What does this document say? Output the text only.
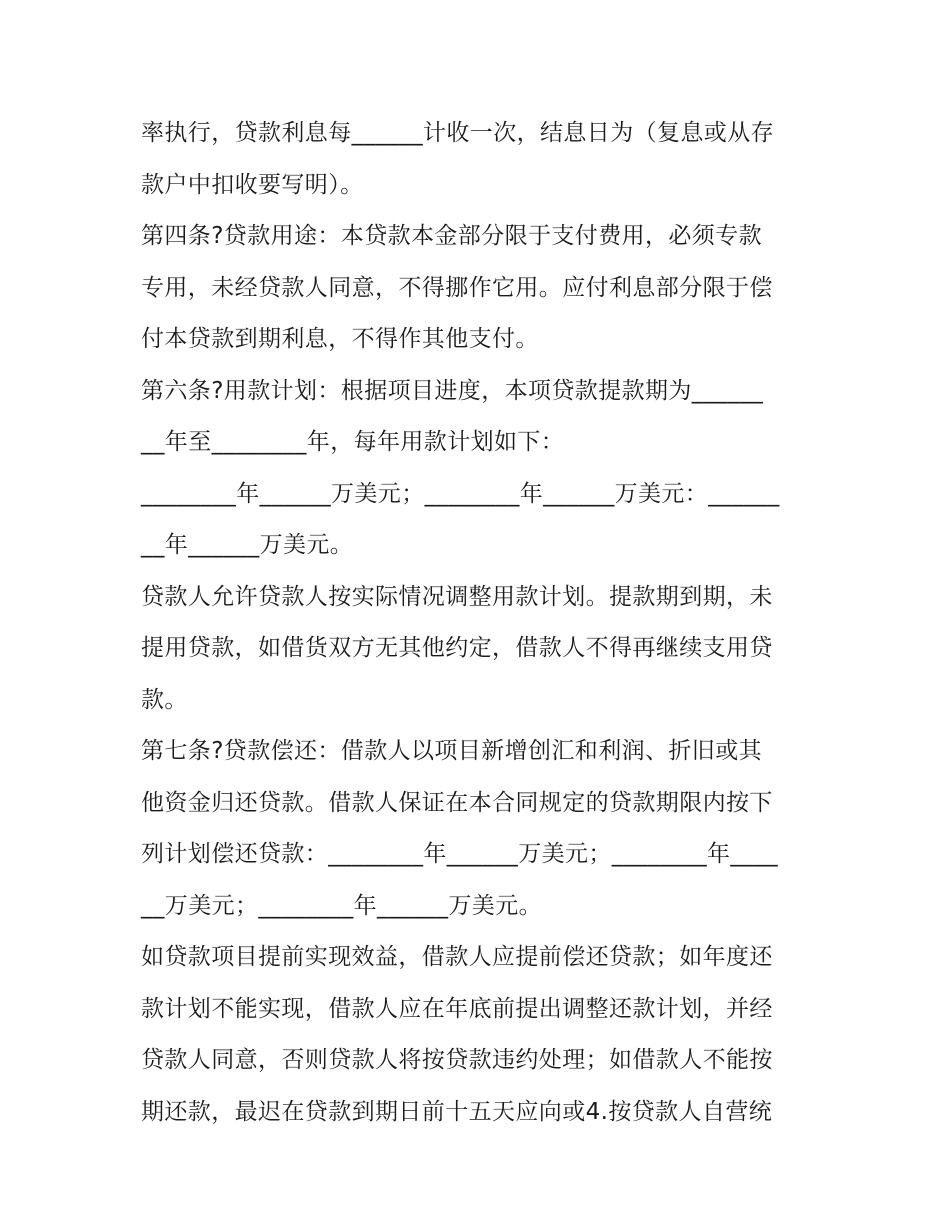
率执行，贷款利息每______计收一次，结息日为（复息或从存
款户中扣收要写明）。
第四条?贷款用途：本贷款本金部分限于支付费用，必须专款
专用，未经贷款人同意，不得挪作它用。应付利息部分限于偿
付本贷款到期利息，不得作其他支付。
第六条?用款计划：根据项目进度，本项贷款提款期为______
__年至________年，每年用款计划如下：
________年______万美元；________年______万美元：______
__年______万美元。
贷款人允许贷款人按实际情况调整用款计划。提款期到期，未
提用贷款，如借货双方无其他约定，借款人不得再继续支用贷
款。
第七条?贷款偿还：借款人以项目新增创汇和利润、折旧或其
他资金归还贷款。借款人保证在本合同规定的贷款期限内按下
列计划偿还贷款：________年______万美元；________年____
__万美元；________年______万美元。
如贷款项目提前实现效益，借款人应提前偿还贷款；如年度还
款计划不能实现，借款人应在年底前提出调整还款计划，并经
贷款人同意，否则贷款人将按贷款违约处理；如借款人不能按
期还款，最迟在贷款到期日前十五天应向或4.按贷款人自营统
